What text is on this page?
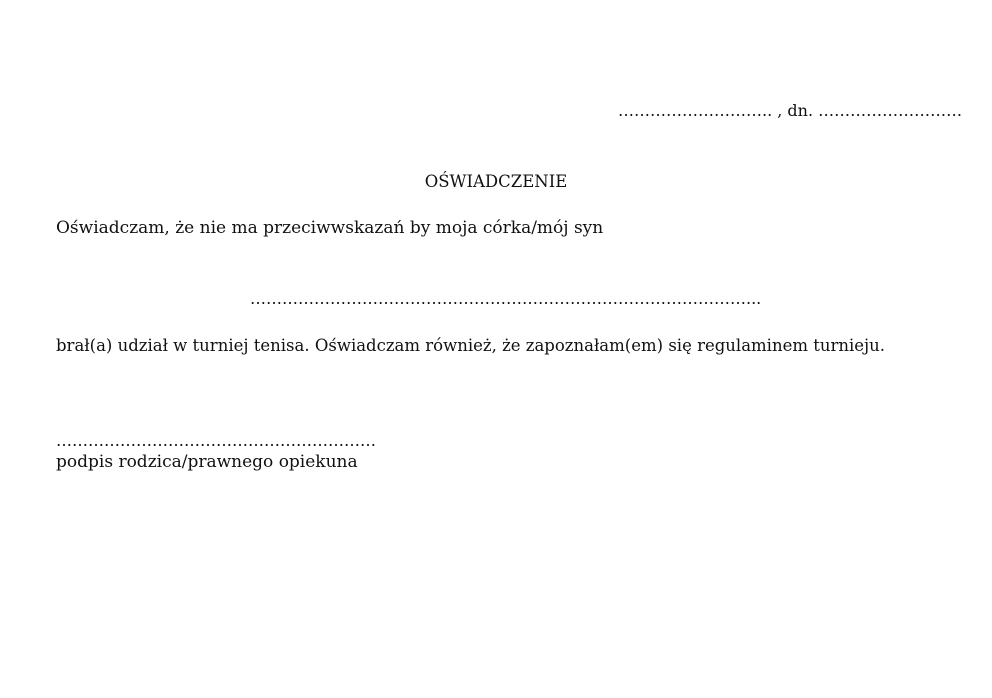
……………………….. , dn. ………………………
OŚWIADCZENIE
Oświadczam, że nie ma przeciwwskazań by moja córka/mój syn
…………………………………………………………………………………...
brał(a) udział w turniej tenisa. Oświadczam również, że zapoznałam(em) się regulaminem turnieju.
……………………………………………………
podpis rodzica/prawnego opiekuna
